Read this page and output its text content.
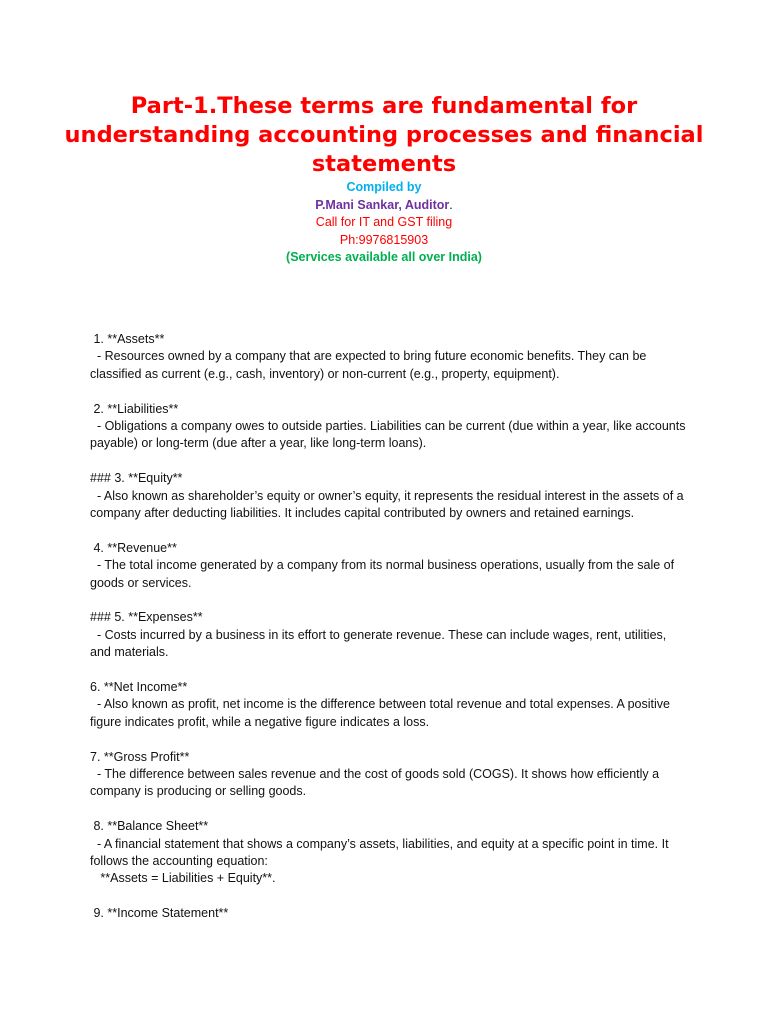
Part-1.These terms are fundamental for understanding accounting processes and financial statements

Compiled by

P.Mani Sankar, Auditor.

Call for IT and GST filing

Ph:9976815903

(Services available all over India)

1. **Assets**

- Resources owned by a company that are expected to bring future economic benefits. They can be classified as current (e.g., cash, inventory) or non-current (e.g., property, equipment).

2. **Liabilities**

- Obligations a company owes to outside parties. Liabilities can be current (due within a year, like accounts payable) or long-term (due after a year, like long-term loans).

### 3. **Equity**

- Also known as shareholder’s equity or owner’s equity, it represents the residual interest in the assets of a company after deducting liabilities. It includes capital contributed by owners and retained earnings.

4. **Revenue**

- The total income generated by a company from its normal business operations, usually from the sale of goods or services.

### 5. **Expenses**

- Costs incurred by a business in its effort to generate revenue. These can include wages, rent, utilities, and materials.

6. **Net Income**

- Also known as profit, net income is the difference between total revenue and total expenses. A positive figure indicates profit, while a negative figure indicates a loss.

7. **Gross Profit**

- The difference between sales revenue and the cost of goods sold (COGS). It shows how efficiently a company is producing or selling goods.

8. **Balance Sheet**

- A financial statement that shows a company’s assets, liabilities, and equity at a specific point in time. It follows the accounting equation:

**Assets = Liabilities + Equity**.

9. **Income Statement**
